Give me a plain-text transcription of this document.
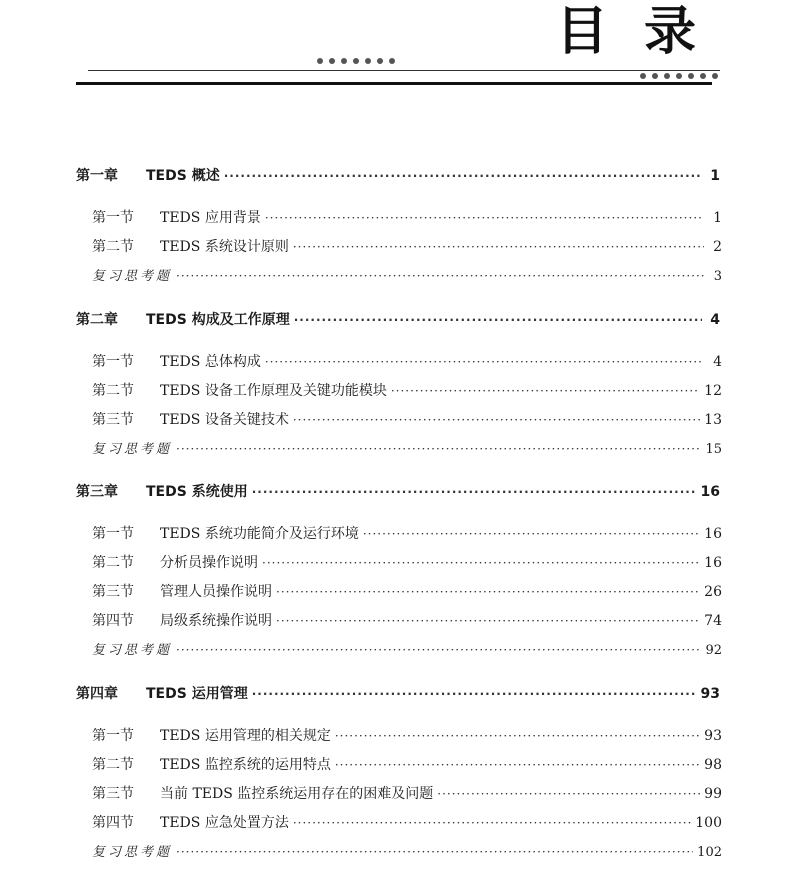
目录
第一章 TEDS 概述 ·····	1
第一节 TEDS 应用背景 ·····	1
第二节 TEDS 系统设计原则 ·····	2
复习思考题 ·····	3
第二章 TEDS 构成及工作原理 ·····	4
第一节 TEDS 总体构成 ·····	4
第二节 TEDS 设备工作原理及关键功能模块 ·····	12
第三节 TEDS 设备关键技术 ·····	13
复习思考题 ·····	15
第三章 TEDS 系统使用 ·····	16
第一节 TEDS 系统功能简介及运行环境 ·····	16
第二节 分析员操作说明 ·····	16
第三节 管理人员操作说明 ·····	26
第四节 局级系统操作说明 ·····	74
复习思考题 ·····	92
第四章 TEDS 运用管理 ·····	93
第一节 TEDS 运用管理的相关规定 ·····	93
第二节 TEDS 监控系统的运用特点 ·····	98
第三节 当前 TEDS 监控系统运用存在的困难及问题 ·····	99
第四节 TEDS 应急处置方法 ·····	100
复习思考题 ·····	102
